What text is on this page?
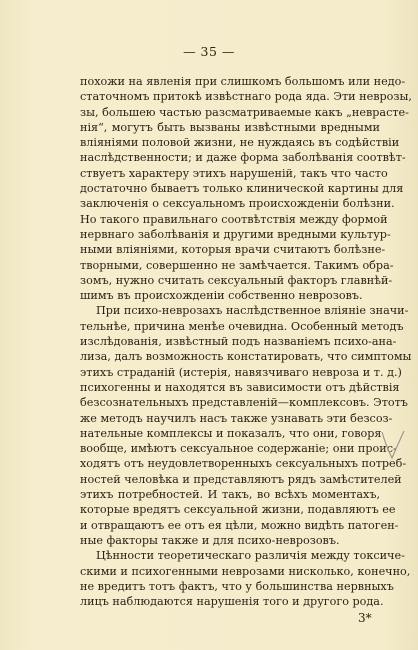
— 35 —

похожи на явленія при слишкомъ большомъ или недо-
статочномъ притокѣ извѣстнаго рода яда. Эти неврозы,
зы, большею частью разсматриваемые какъ „неврасте-
нія“, могутъ быть вызваны извѣстными вредными
вліяніями половой жизни, не нуждаясь въ содѣйствіи
наслѣдственности; и даже форма заболѣванія соотвѣт-
ствуетъ характеру этихъ нарушеній, такъ что часто
достаточно бываетъ только клинической картины для
заключенія о сексуальномъ происхожденіи болѣзни.
Но такого правильнаго соотвѣтствія между формой
нервнаго заболѣванія и другими вредными культур-
ными вліяніями, которыя врачи считаютъ болѣзне-
творными, совершенно не замѣчается. Такимъ обра-
зомъ, нужно считать сексуальный факторъ главнѣй-
шимъ въ происхожденіи собственно неврозовъ.

При психо-неврозахъ наслѣдственное вліяніе значи-
тельнѣе, причина менѣе очевидна. Особенный методъ
изслѣдованія, извѣстный подъ названіемъ психо-ана-
лиза, далъ возможность констатировать, что симптомы
этихъ страданій (истерія, навязчиваго невроза и т. д.)
психогенны и находятся въ зависимости отъ дѣйствія
безсознательныхъ представленій—комплексовъ. Этотъ
же методъ научилъ насъ также узнавать эти безсоз-
нательные комплексы и показалъ, что они, говоря
вообще, имѣютъ сексуальное содержаніе; они проис-
ходятъ отъ неудовлетворенныхъ сексуальныхъ потреб-
ностей человѣка и представляютъ рядъ замѣстителей
этихъ потребностей. И такъ, во всѣхъ моментахъ,
которые вредятъ сексуальной жизни, подавляютъ ее
и отвращаютъ ее отъ ея цѣли, можно видѣть патоген-
ные факторы также и для психо-неврозовъ.

Цѣнности теоретическаго различія между токсиче-
скими и психогенными неврозами нисколько, конечно,
не вредитъ тотъ фактъ, что у большинства нервныхъ
лицъ наблюдаются нарушенія того и другого рода.

3*
